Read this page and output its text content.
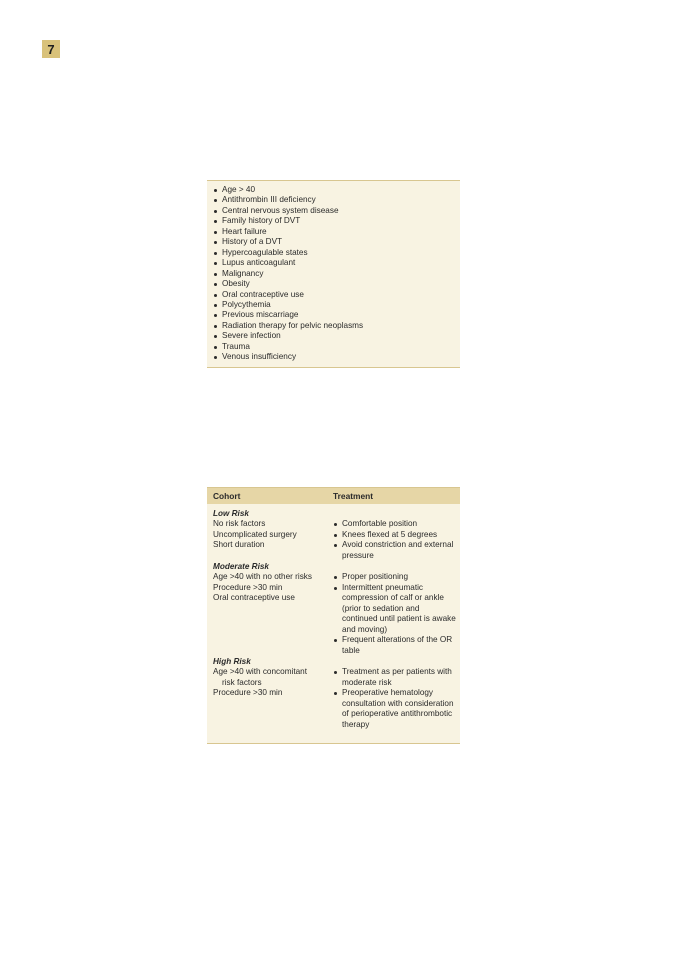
7
Age > 40
Antithrombin III deficiency
Central nervous system disease
Family history of DVT
Heart failure
History of a DVT
Hypercoagulable states
Lupus anticoagulant
Malignancy
Obesity
Oral contraceptive use
Polycythemia
Previous miscarriage
Radiation therapy for pelvic neoplasms
Severe infection
Trauma
Venous insufficiency
Cohort	Treatment
Low Risk
No risk factors
Uncomplicated surgery
Short duration
Comfortable position
Knees flexed at 5 degrees
Avoid constriction and external pressure
Moderate Risk
Age >40 with no other risks
Procedure >30 min
Oral contraceptive use
Proper positioning
Intermittent pneumatic compression of calf or ankle (prior to sedation and continued until patient is awake and moving)
Frequent alterations of the OR table
High Risk
Age >40 with concomitant
risk factors
Procedure >30 min
Treatment as per patients with moderate risk
Preoperative hematology consultation with consideration of perioperative antithrombotic therapy
